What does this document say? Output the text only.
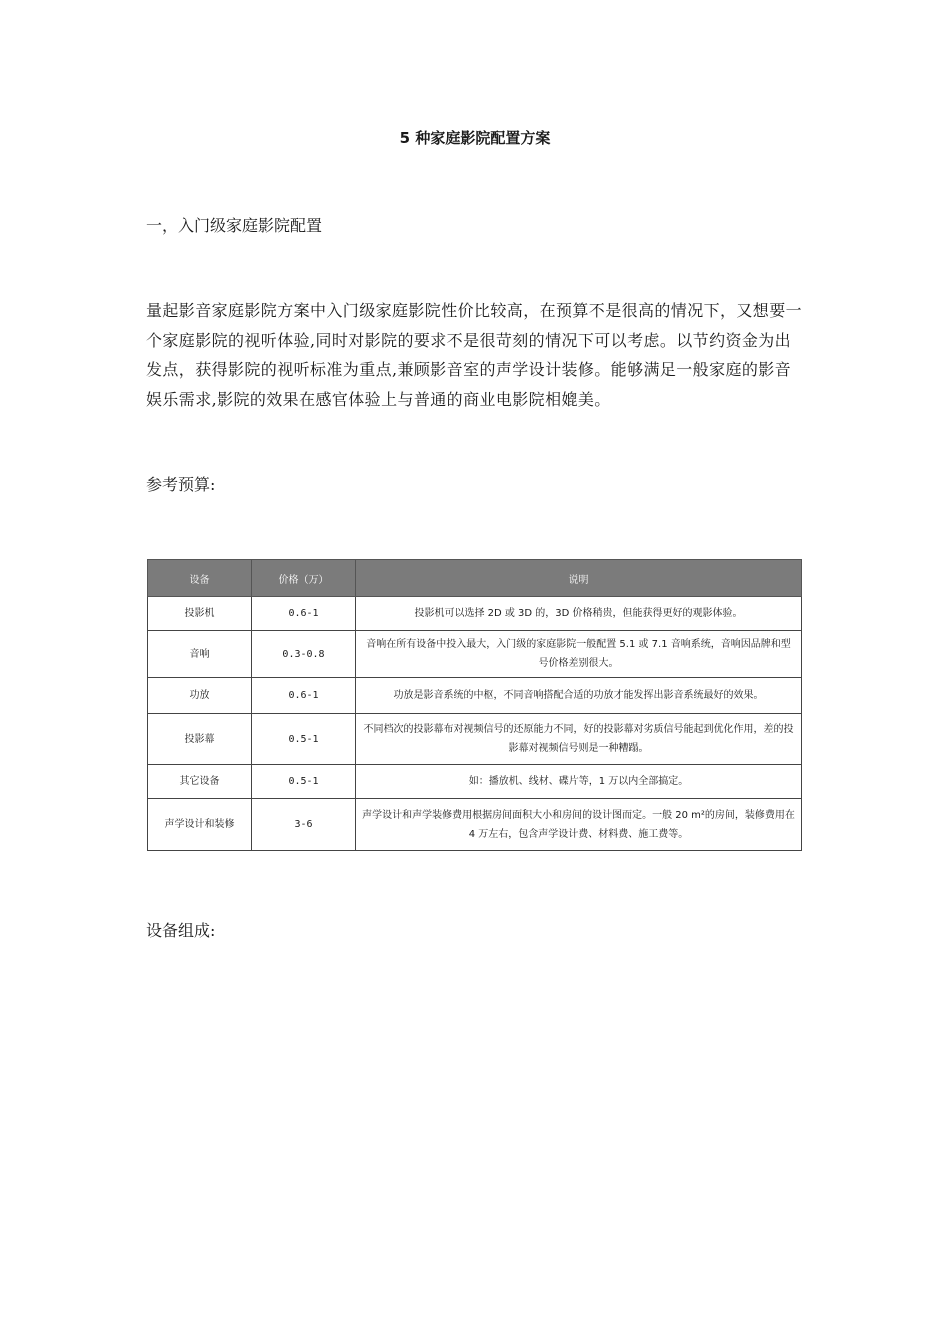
5 种家庭影院配置方案

一，入门级家庭影院配置

量起影音家庭影院方案中入门级家庭影院性价比较高，在预算不是很高的情况下，又想要一个家庭影院的视听体验,同时对影院的要求不是很苛刻的情况下可以考虑。以节约资金为出发点，获得影院的视听标准为重点,兼顾影音室的声学设计装修。能够满足一般家庭的影音娱乐需求,影院的效果在感官体验上与普通的商业电影院相媲美。

参考预算:

设备	价格（万）	说明
投影机	0.6-1	投影机可以选择 2D 或 3D 的，3D 价格稍贵，但能获得更好的观影体验。
音响	0.3-0.8	音响在所有设备中投入最大，入门级的家庭影院一般配置 5.1 或 7.1 音响系统，音响因品牌和型号价格差别很大。
功放	0.6-1	功放是影音系统的中枢，不同音响搭配合适的功放才能发挥出影音系统最好的效果。
投影幕	0.5-1	不同档次的投影幕布对视频信号的还原能力不同，好的投影幕对劣质信号能起到优化作用，差的投影幕对视频信号则是一种糟蹋。
其它设备	0.5-1	如：播放机、线材、碟片等，1 万以内全部搞定。
声学设计和装修	3-6	声学设计和声学装修费用根据房间面积大小和房间的设计图而定。一般 20 m²的房间，装修费用在 4 万左右，包含声学设计费、材料费、施工费等。

设备组成:
